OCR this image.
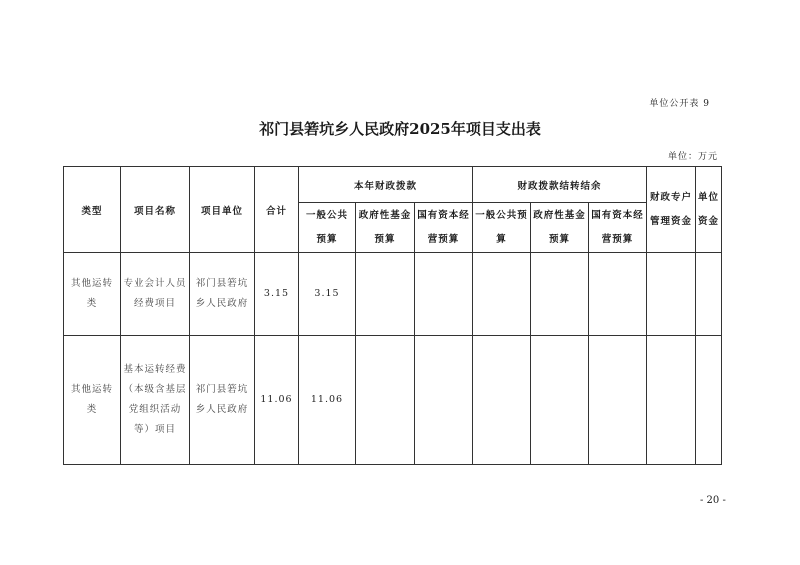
单位公开表 9
祁门县箬坑乡人民政府2025年项目支出表
单位：万元
类型	项目名称	项目单位	合计	本年财政拨款			财政拨款结转结余			财政专户管理资金	单位资金
				一般公共预算	政府性基金预算	国有资本经营预算	一般公共预算	政府性基金预算	国有资本经营预算		
其他运转类	专业会计人员经费项目	祁门县箬坑乡人民政府	3.15	3.15							
其他运转类	基本运转经费（本级含基层党组织活动等）项目	祁门县箬坑乡人民政府	11.06	11.06							
- 20 -
